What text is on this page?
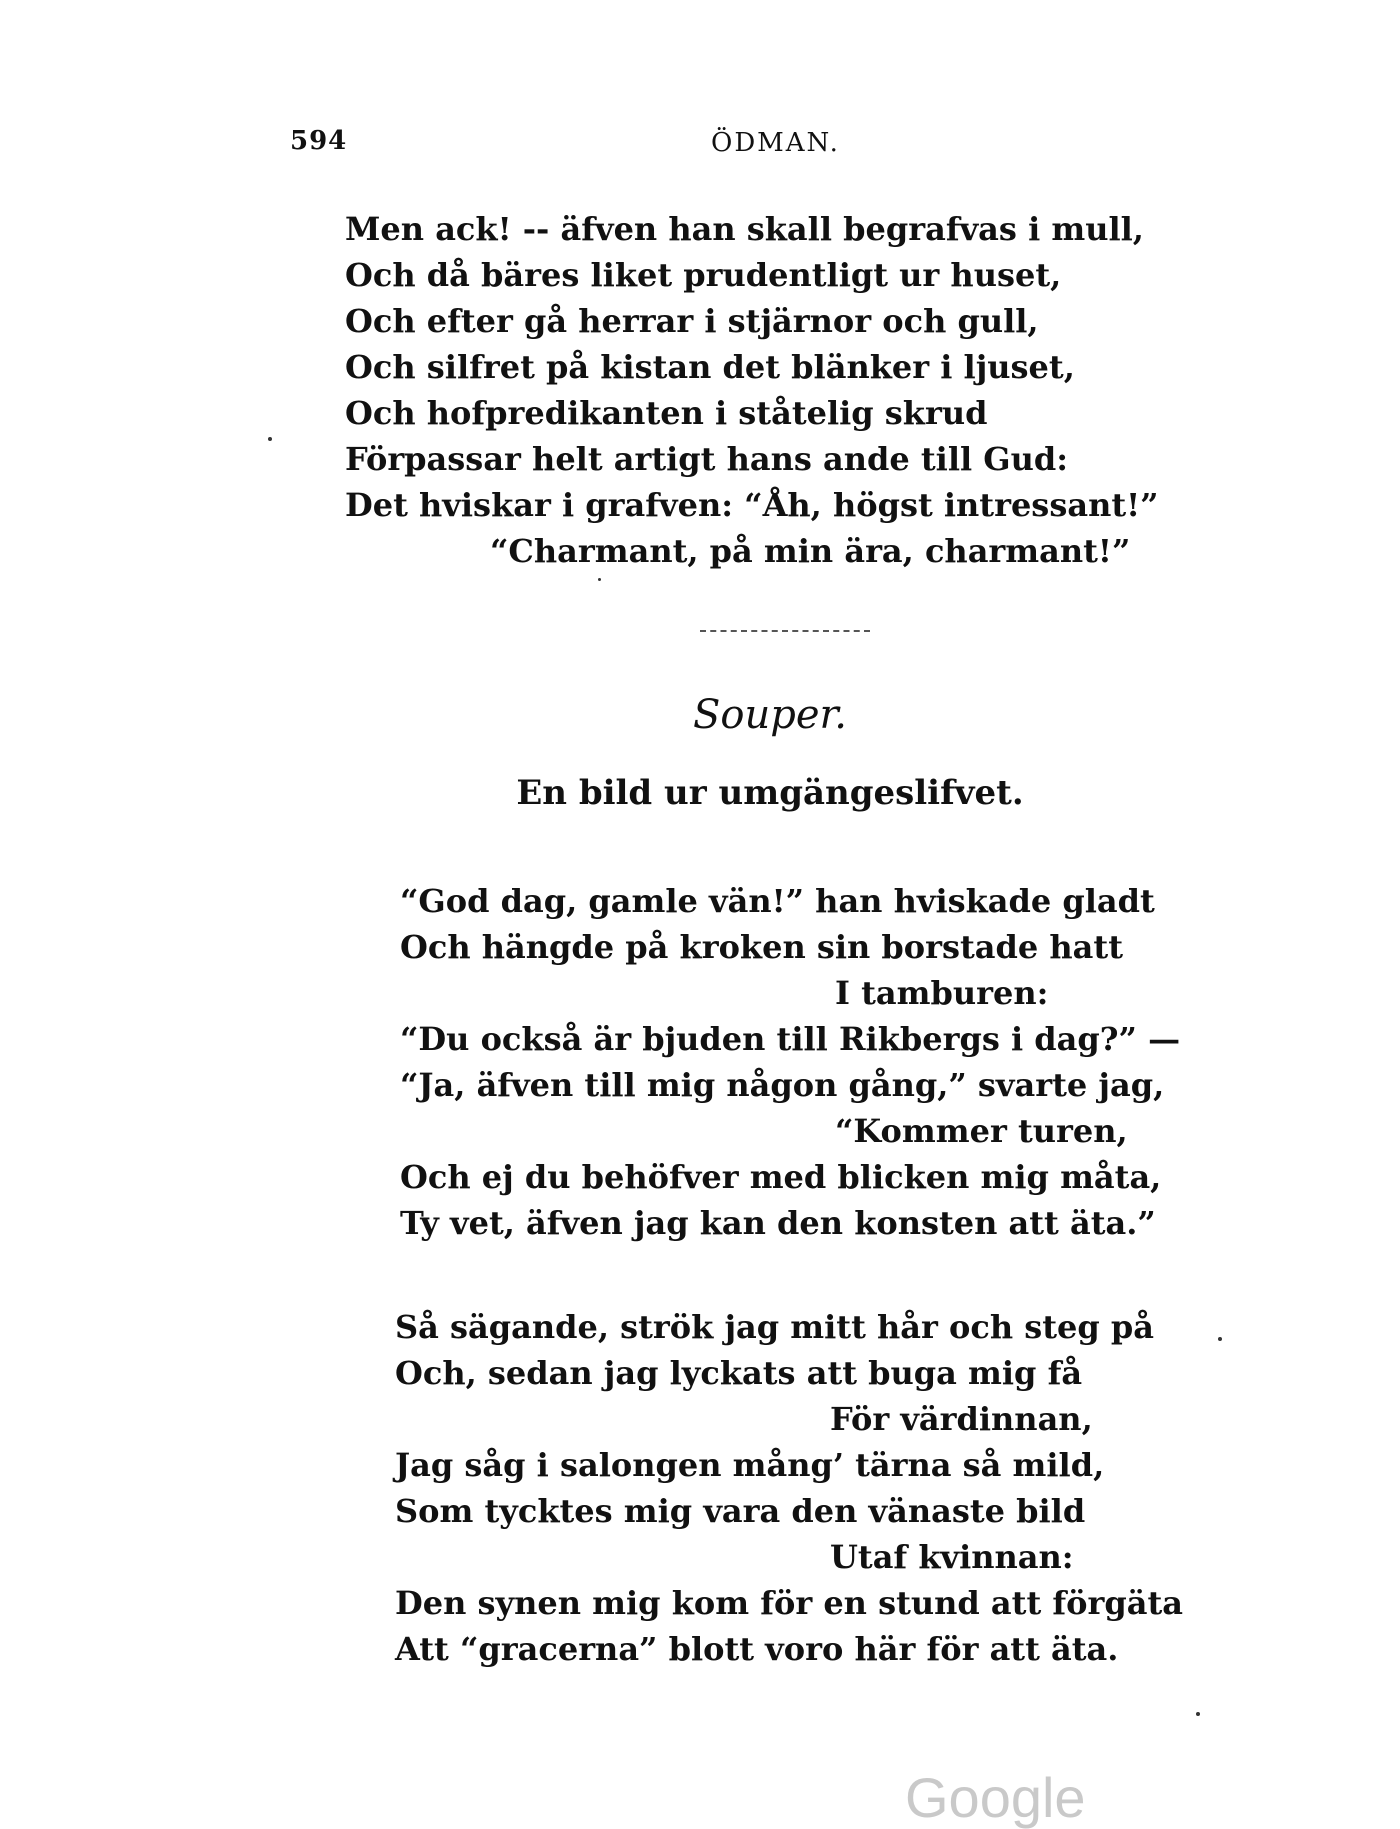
594	ÖDMAN.
Men ack! -- äfven han skall begrafvas i mull,
Och då bäres liket prudentligt ur huset,
Och efter gå herrar i stjärnor och gull,
Och silfret på kistan det blänker i ljuset,
Och hofpredikanten i ståtelig skrud
Förpassar helt artigt hans ande till Gud:
Det hviskar i grafven: “Åh, högst intressant!”
“Charmant, på min ära, charmant!”
Souper.
En bild ur umgängeslifvet.
“God dag, gamle vän!” han hviskade gladt
Och hängde på kroken sin borstade hatt
I tamburen:
“Du också är bjuden till Rikbergs i dag?” —
“Ja, äfven till mig någon gång,” svarte jag,
“Kommer turen,
Och ej du behöfver med blicken mig måta,
Ty vet, äfven jag kan den konsten att äta.”
Så sägande, strök jag mitt hår och steg på
Och, sedan jag lyckats att buga mig få
För värdinnan,
Jag såg i salongen mång’ tärna så mild,
Som tycktes mig vara den vänaste bild
Utaf kvinnan:
Den synen mig kom för en stund att förgäta
Att “gracerna” blott voro här för att äta.
Google
